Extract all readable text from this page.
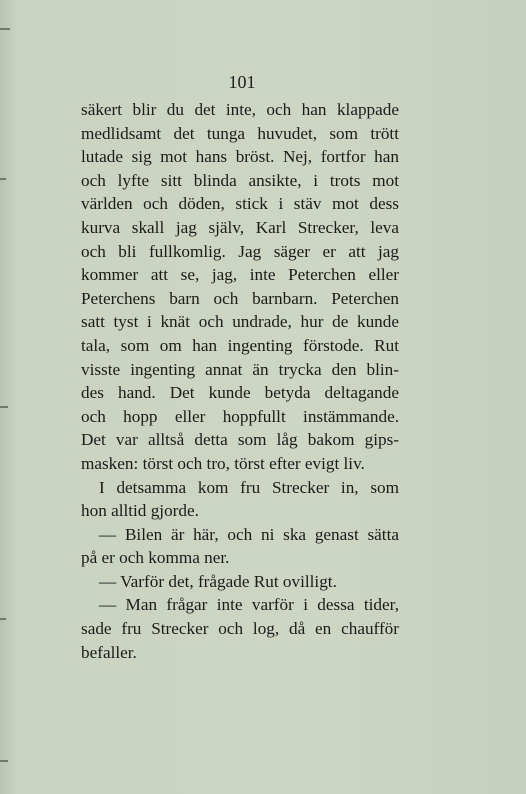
101
säkert blir du det inte, och han klappade
medlidsamt det tunga huvudet, som trött
lutade sig mot hans bröst. Nej, fortfor han
och lyfte sitt blinda ansikte, i trots mot
världen och döden, stick i stäv mot dess
kurva skall jag själv, Karl Strecker, leva
och bli fullkomlig. Jag säger er att jag
kommer att se, jag, inte Peterchen eller
Peterchens barn och barnbarn. Peterchen
satt tyst i knät och undrade, hur de kunde
tala, som om han ingenting förstode. Rut
visste ingenting annat än trycka den blin-
des hand. Det kunde betyda deltagande
och hopp eller hoppfullt instämmande.
Det var alltså detta som låg bakom gips-
masken: törst och tro, törst efter evigt liv.
I detsamma kom fru Strecker in, som
hon alltid gjorde.
— Bilen är här, och ni ska genast sätta
på er och komma ner.
— Varför det, frågade Rut ovilligt.
— Man frågar inte varför i dessa tider,
sade fru Strecker och log, då en chaufför
befaller.
